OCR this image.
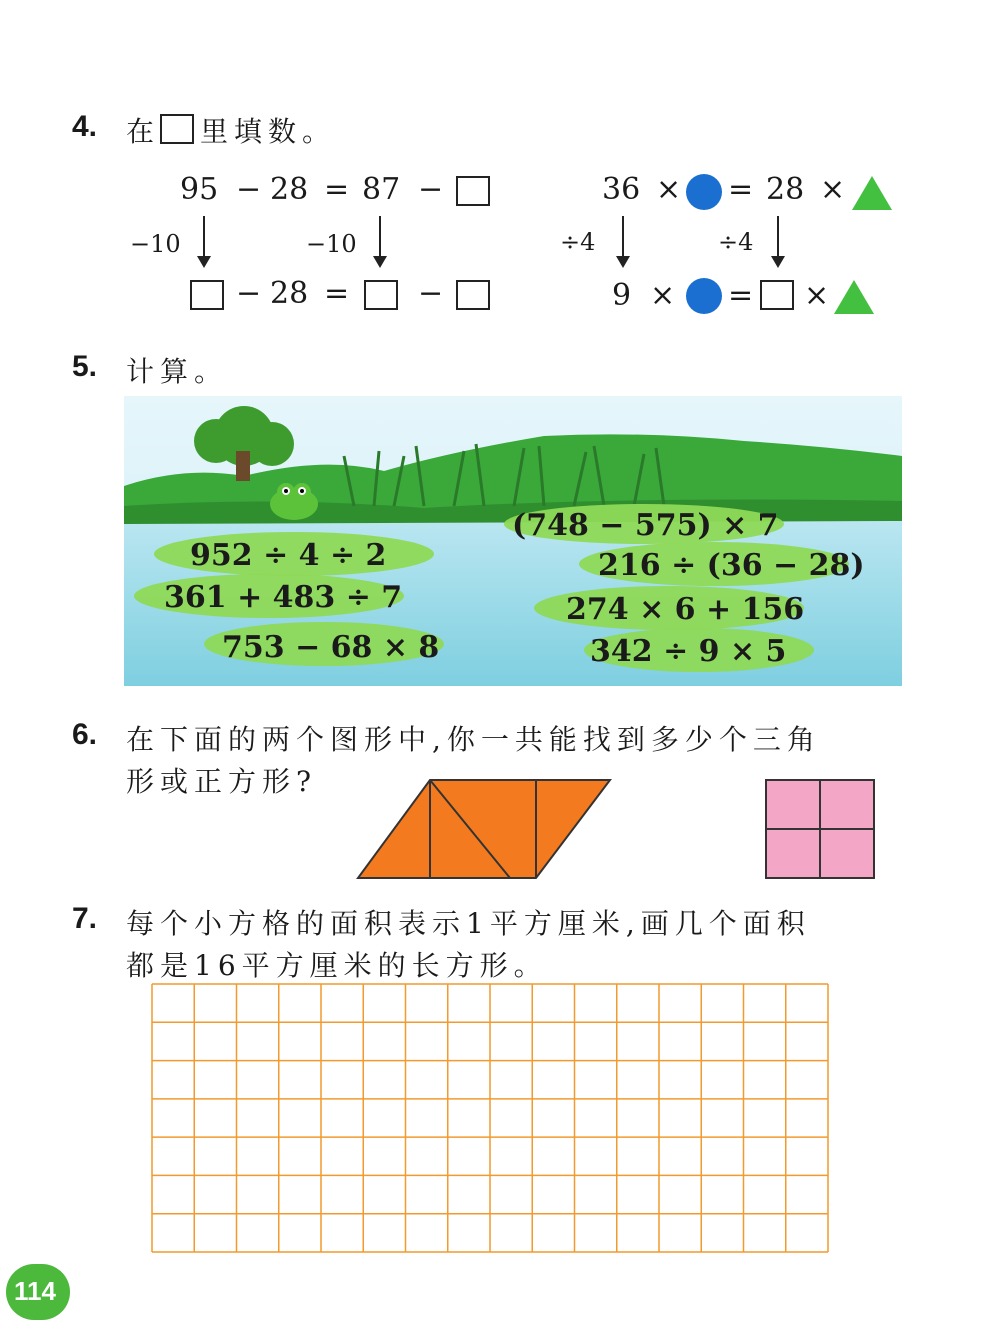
4. 在 里填数。
95 − 28 = 87 −
−10	−10
− 28 = −
36 × = 28 ×
÷4	÷4
9 × = ×
5. 计算。
952 ÷ 4 ÷ 2
361 + 483 ÷ 7
753 − 68 × 8
(748 − 575) × 7
216 ÷ (36 − 28)
274 × 6 + 156
342 ÷ 9 × 5
6. 在下面的两个图形中,你一共能找到多少个三角
形或正方形?
7. 每个小方格的面积表示1平方厘米,画几个面积
都是16平方厘米的长方形。
114
